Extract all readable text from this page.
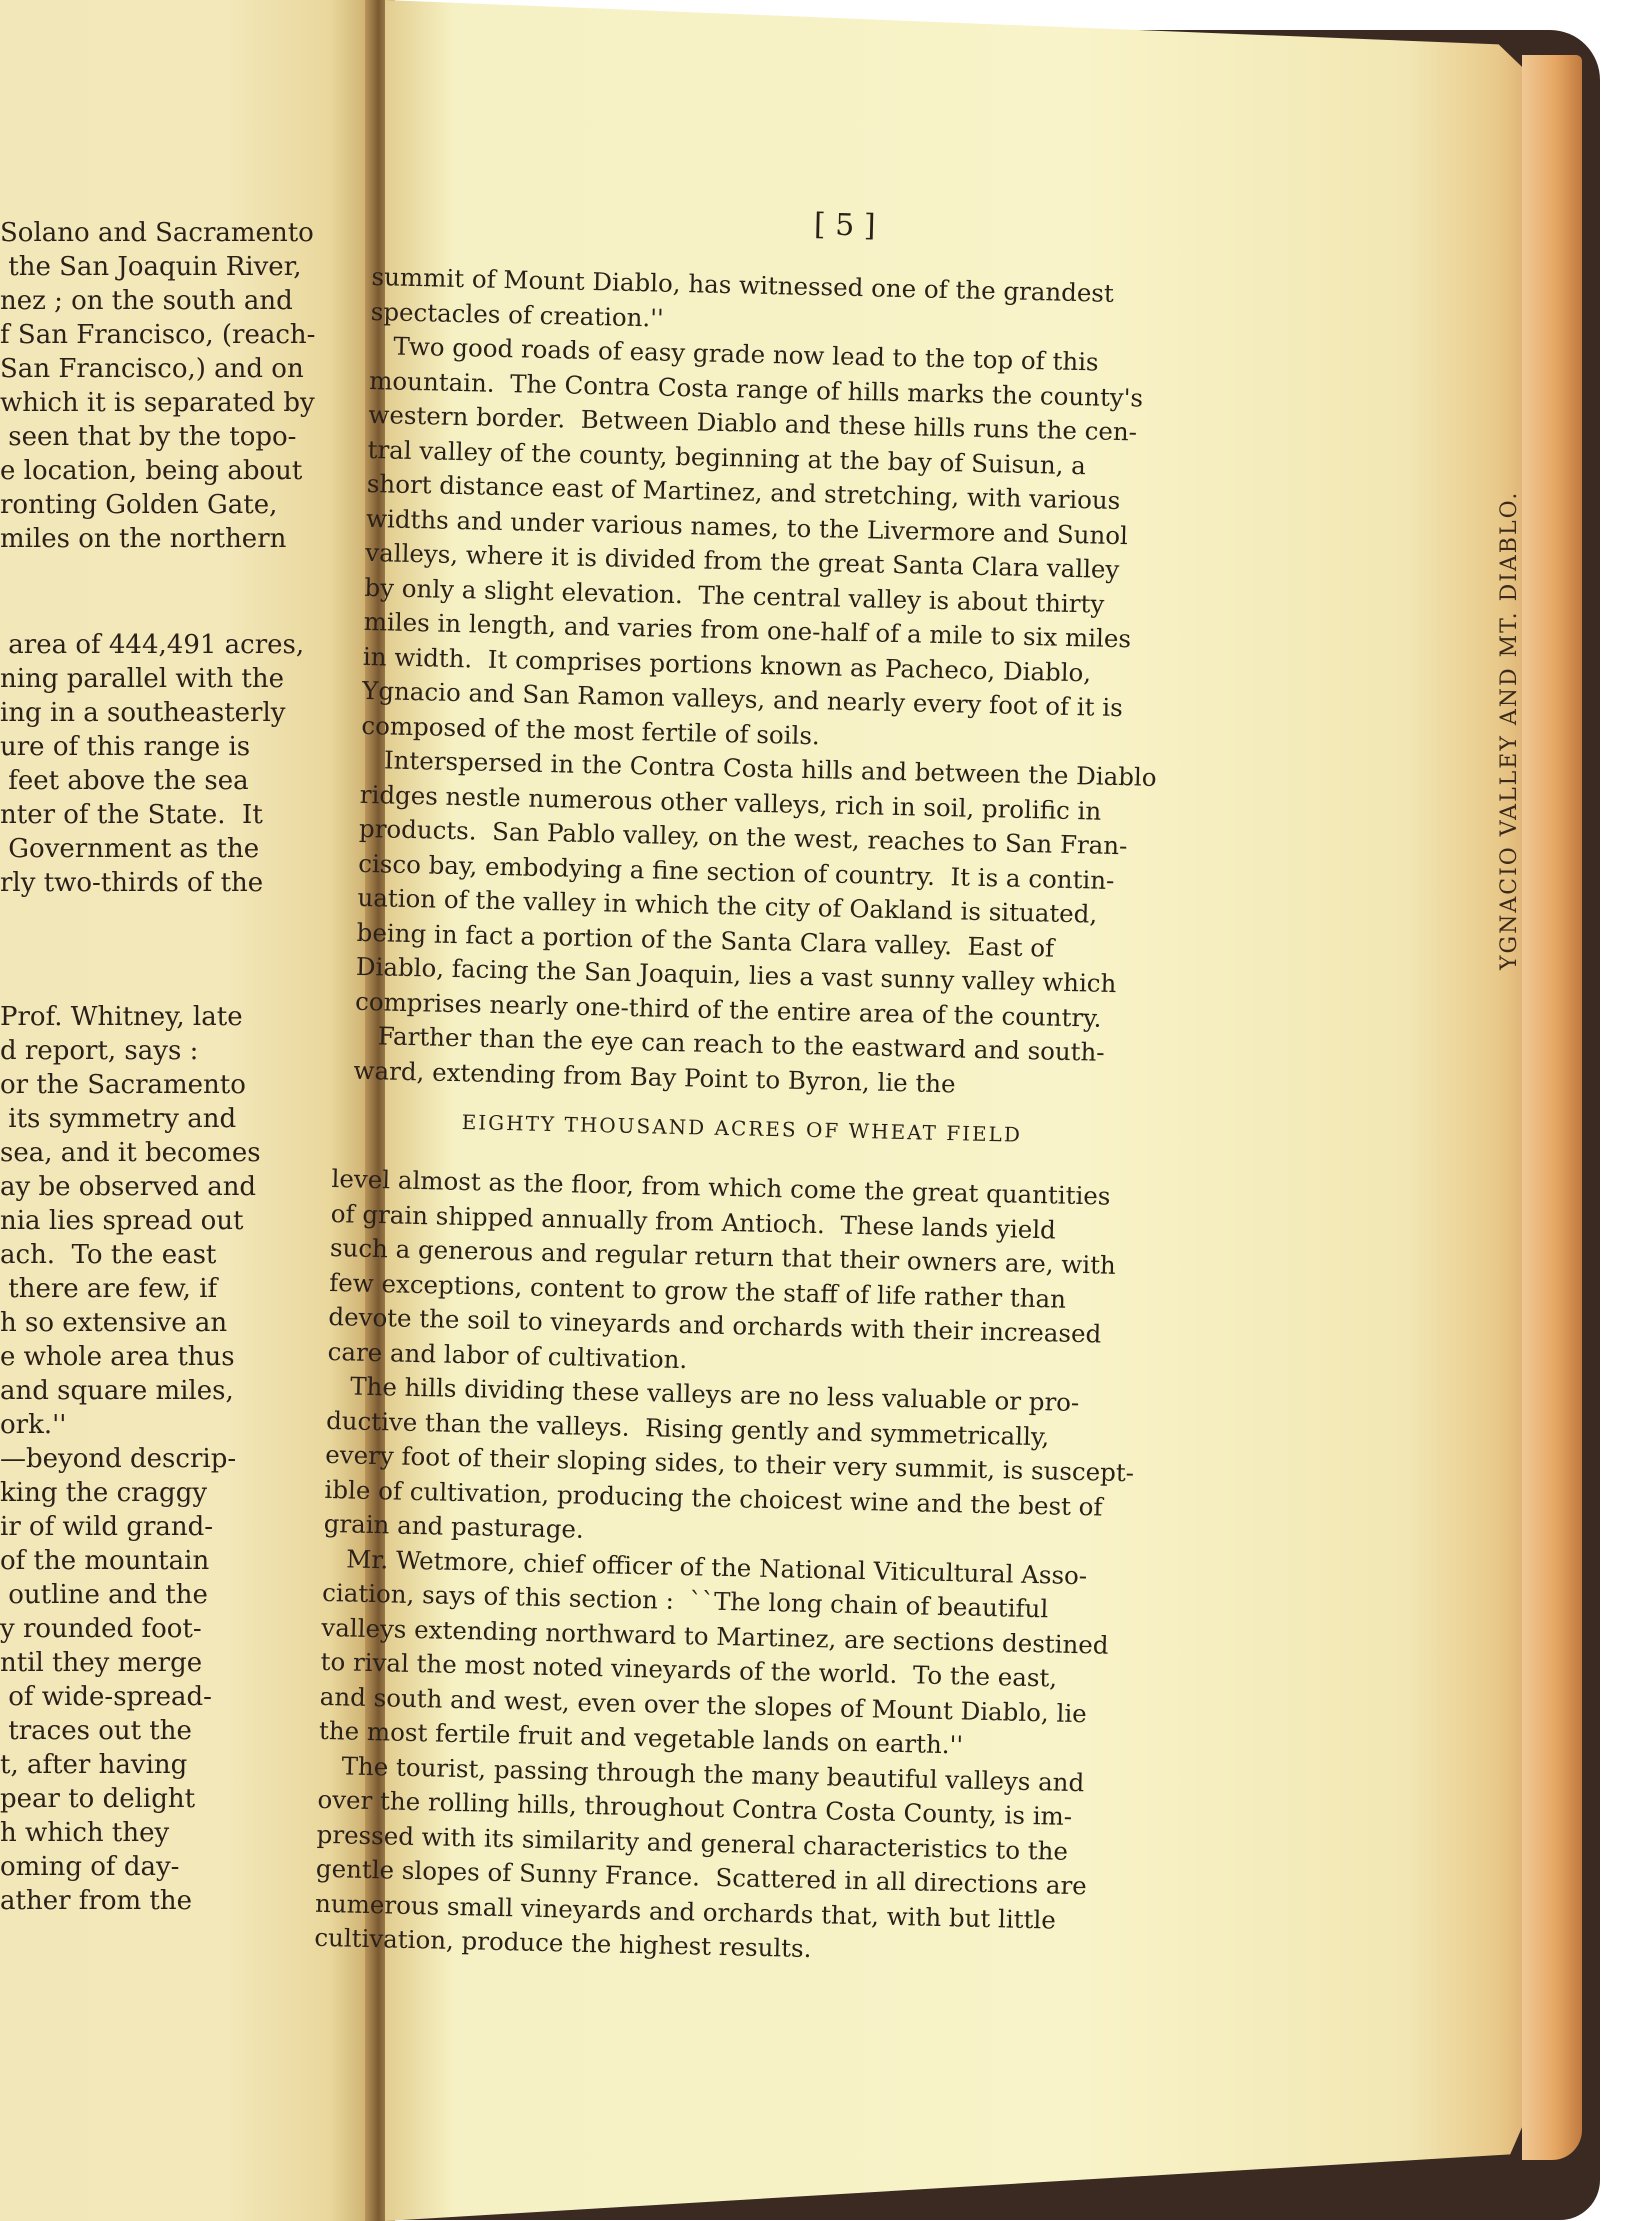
Solano and Sacramento
the San Joaquin River,
nez ; on the south and
f San Francisco, (reach-
San Francisco,) and on
which it is separated by
seen that by the topo-
e location, being about
ronting Golden Gate,
miles on the northern

area of 444,491 acres,
ning parallel with the
ing in a southeasterly
ure of this range is
feet above the sea
nter of the State.  It
Government as the
rly two-thirds of the

Prof. Whitney, late
d report, says :
or the Sacramento
its symmetry and
sea, and it becomes
ay be observed and
nia lies spread out
ach.  To the east
there are few, if
h so extensive an
e whole area thus
and square miles,
ork.''
—beyond descrip-
king the craggy
ir of wild grand-
of the mountain
outline and the
y rounded foot-
ntil they merge
of wide-spread-
traces out the
t, after having
pear to delight
h which they
oming of day-
ather from the

[ 5 ]

summit of Mount Diablo, has witnessed one of the grandest
spectacles of creation.''
Two good roads of easy grade now lead to the top of this
mountain.  The Contra Costa range of hills marks the county's
western border.  Between Diablo and these hills runs the cen-
tral valley of the county, beginning at the bay of Suisun, a
short distance east of Martinez, and stretching, with various
widths and under various names, to the Livermore and Sunol
valleys, where it is divided from the great Santa Clara valley
by only a slight elevation.  The central valley is about thirty
miles in length, and varies from one-half of a mile to six miles
in width.  It comprises portions known as Pacheco, Diablo,
Ygnacio and San Ramon valleys, and nearly every foot of it is
composed of the most fertile of soils.
Interspersed in the Contra Costa hills and between the Diablo
ridges nestle numerous other valleys, rich in soil, prolific in
products.  San Pablo valley, on the west, reaches to San Fran-
cisco bay, embodying a fine section of country.  It is a contin-
uation of the valley in which the city of Oakland is situated,
being in fact a portion of the Santa Clara valley.  East of
Diablo, facing the San Joaquin, lies a vast sunny valley which
comprises nearly one-third of the entire area of the country.
Farther than the eye can reach to the eastward and south-
ward, extending from Bay Point to Byron, lie the

EIGHTY THOUSAND ACRES OF WHEAT FIELD

level almost as the floor, from which come the great quantities
of grain shipped annually from Antioch.  These lands yield
such a generous and regular return that their owners are, with
few exceptions, content to grow the staff of life rather than
devote the soil to vineyards and orchards with their increased
care and labor of cultivation.
The hills dividing these valleys are no less valuable or pro-
ductive than the valleys.  Rising gently and symmetrically,
every foot of their sloping sides, to their very summit, is suscept-
ible of cultivation, producing the choicest wine and the best of
grain and pasturage.
Mr. Wetmore, chief officer of the National Viticultural Asso-
ciation, says of this section :  ``The long chain of beautiful
valleys extending northward to Martinez, are sections destined
to rival the most noted vineyards of the world.  To the east,
and south and west, even over the slopes of Mount Diablo, lie
the most fertile fruit and vegetable lands on earth.''
The tourist, passing through the many beautiful valleys and
over the rolling hills, throughout Contra Costa County, is im-
pressed with its similarity and general characteristics to the
gentle slopes of Sunny France.  Scattered in all directions are
numerous small vineyards and orchards that, with but little
cultivation, produce the highest results.

YGNACIO VALLEY AND MT. DIABLO.
